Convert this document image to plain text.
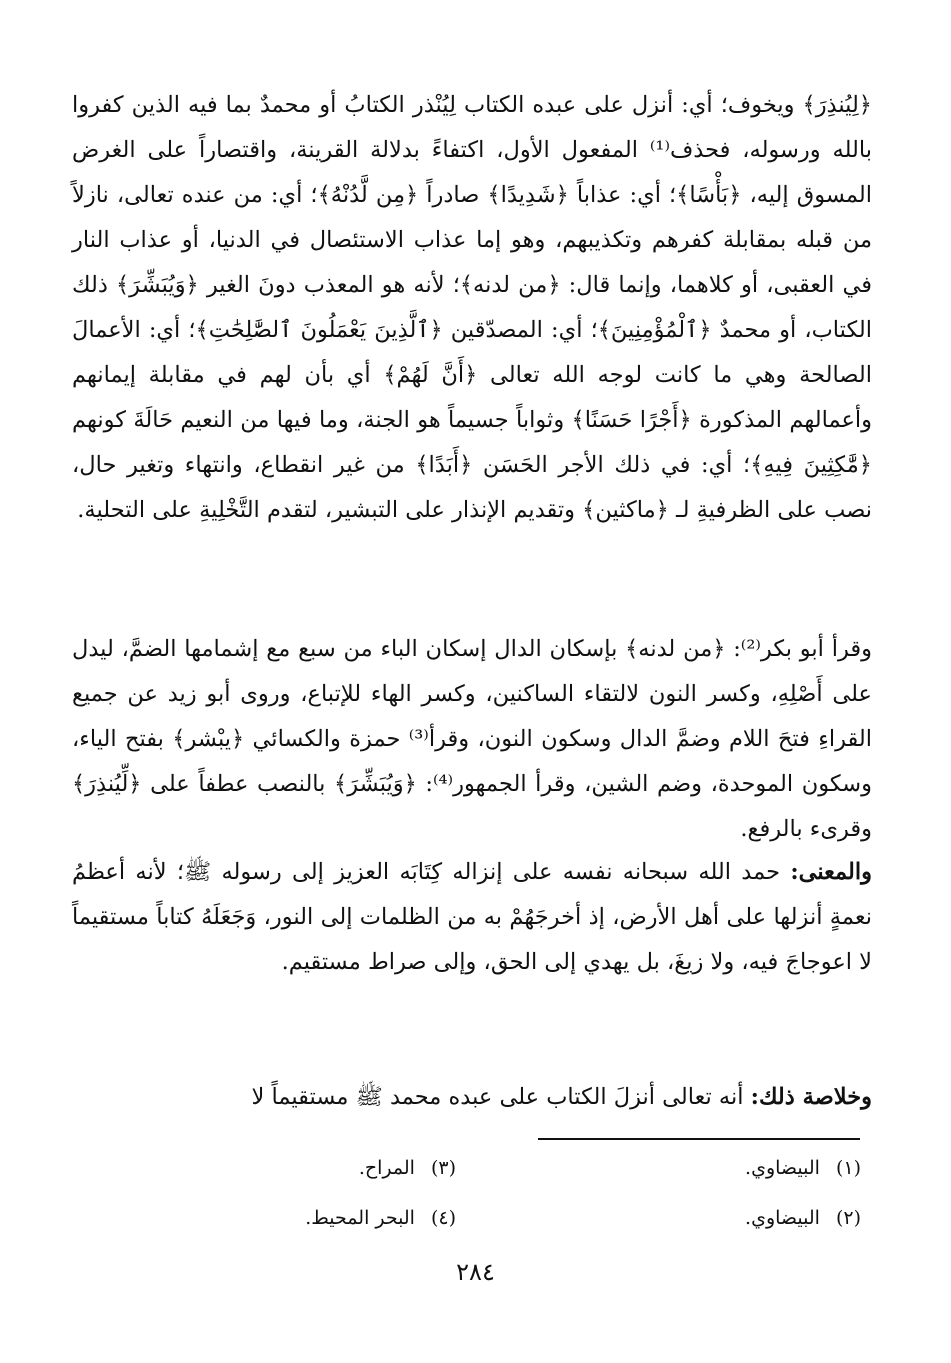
﴿لِيُنذِرَ﴾ ويخوف؛ أي: أنزل على عبده الكتاب لِيُنْذر الكتابُ أو محمدٌ بما فيه الذين كفروا بالله ورسوله، فحذف⁽¹⁾ المفعول الأول، اكتفاءً بدلالة القرينة، واقتصاراً على الغرض المسوق إليه، ﴿بَأْسًا﴾؛ أي: عذاباً ﴿شَدِيدًا﴾ صادراً ﴿مِن لَّدُنْهُ﴾؛ أي: من عنده تعالى، نازلاً من قبله بمقابلة كفرهم وتكذيبهم، وهو إما عذاب الاستئصال في الدنيا، أو عذاب النار في العقبى، أو كلاهما، وإنما قال: ﴿من لدنه﴾؛ لأنه هو المعذب دونَ الغير ﴿وَيُبَشِّرَ﴾ ذلك الكتاب، أو محمدٌ ﴿ٱلْمُؤْمِنِينَ﴾؛ أي: المصدّقين ﴿ٱلَّذِينَ يَعْمَلُونَ ٱلصَّٰلِحَٰتِ﴾؛ أي: الأعمالَ الصالحة وهي ما كانت لوجه الله تعالى ﴿أَنَّ لَهُمْ﴾ أي بأن لهم في مقابلة إيمانهم وأعمالهم المذكورة ﴿أَجْرًا حَسَنًا﴾ وثواباً جسيماً هو الجنة، وما فيها من النعيم حَالَةَ كونهم ﴿مَّٰكِثِينَ فِيهِ﴾؛ أي: في ذلك الأجر الحَسَن ﴿أَبَدًا﴾ من غير انقطاع، وانتهاء وتغير حال، نصب على الظرفيةِ لـ ﴿ماكثين﴾ وتقديم الإنذار على التبشير، لتقدم التَّخْلِيةِ على التحلية.

وقرأ أبو بكر⁽²⁾: ﴿من لدنه﴾ بإسكان الدال إسكان الباء من سبع مع إشمامها الضمَّ، ليدل على أَصْلِهِ، وكسر النون لالتقاء الساكنين، وكسر الهاء للإتباع، وروى أبو زيد عن جميع القراءِ فتحَ اللام وضمَّ الدال وسكون النون، وقرأ⁽³⁾ حمزة والكسائي ﴿يبْشر﴾ بفتح الياء، وسكون الموحدة، وضم الشين، وقرأ الجمهور⁽⁴⁾: ﴿وَيُبَشِّرَ﴾ بالنصب عطفاً على ﴿لِّيُنذِرَ﴾ وقرىء بالرفع.

والمعنى: حمد الله سبحانه نفسه على إنزاله كِتَابَه العزيز إلى رسوله ﷺ؛ لأنه أعظمُ نعمةٍ أنزلها على أهل الأرض، إذ أخرجَهُمْ به من الظلمات إلى النور، وَجَعَلَهُ كتاباً مستقيماً لا اعوجاجَ فيه، ولا زيغَ، بل يهدي إلى الحق، وإلى صراط مستقيم.

وخلاصة ذلك: أنه تعالى أنزلَ الكتاب على عبده محمد ﷺ مستقيماً لا

(١)البيضاوي.
(٢)البيضاوي.
(٣)المراح.
(٤)البحر المحيط.
٢٨٤
